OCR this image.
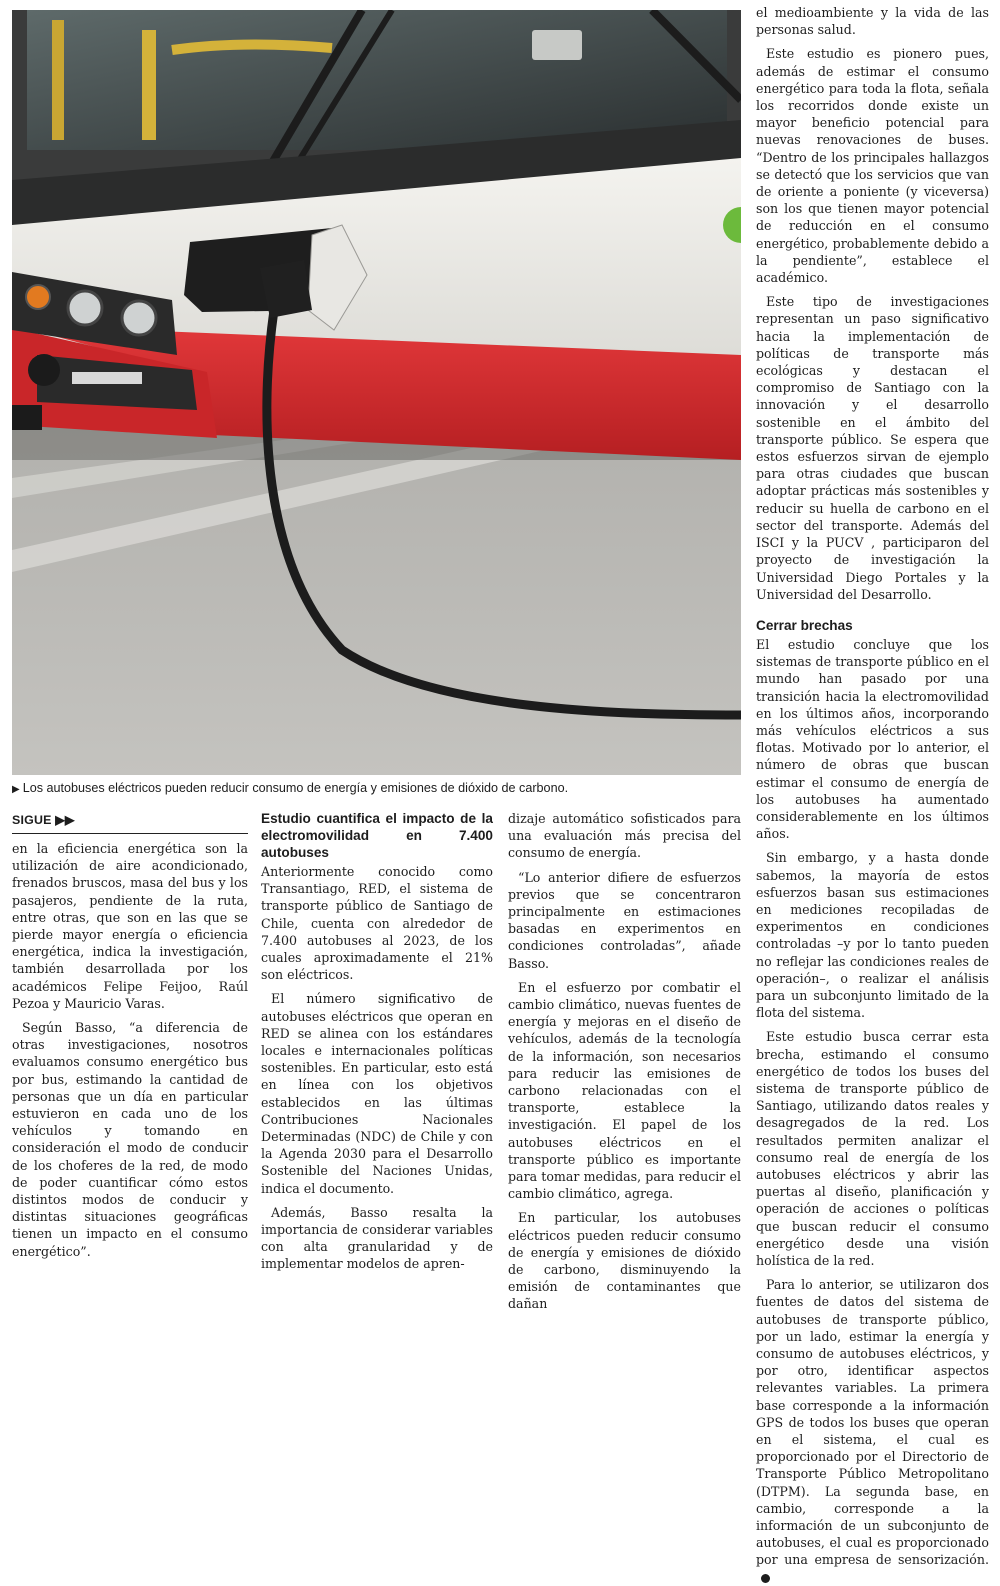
▶ Los autobuses eléctricos pueden reducir consumo de energía y emisiones de dióxido de carbono.
SIGUE ▶▶

en la eficiencia energética son la utilización de aire acondicionado, frenados bruscos, masa del bus y los pasajeros, pendiente de la ruta, entre otras, que son en las que se pierde mayor energía o eficiencia energética, indica la investigación, también desarrollada por los académicos Felipe Feijoo, Raúl Pezoa y Mauricio Varas.

Según Basso, “a diferencia de otras investigaciones, nosotros evaluamos consumo energético bus por bus, estimando la cantidad de personas que un día en particular estuvieron en cada uno de los vehículos y tomando en consideración el modo de conducir de los choferes de la red, de modo de poder cuantificar cómo estos distintos modos de conducir y distintas situaciones geográficas tienen un impacto en el consumo energético”.

Estudio cuantifica el impacto de la electromovilidad en 7.400 autobuses

Anteriormente conocido como Transantiago, RED, el sistema de transporte público de Santiago de Chile, cuenta con alrededor de 7.400 autobuses al 2023, de los cuales aproximadamente el 21% son eléctricos.

El número significativo de autobuses eléctricos que operan en RED se alinea con los estándares locales e internacionales políticas sostenibles. En particular, esto está en línea con los objetivos establecidos en las últimas Contribuciones Nacionales Determinadas (NDC) de Chile y con la Agenda 2030 para el Desarrollo Sostenible del Naciones Unidas, indica el documento.

Además, Basso resalta la importancia de considerar variables con alta granularidad y de implementar modelos de apren-

dizaje automático sofisticados para una evaluación más precisa del consumo de energía.

“Lo anterior difiere de esfuerzos previos que se concentraron principalmente en estimaciones basadas en experimentos en condiciones controladas”, añade Basso.

En el esfuerzo por combatir el cambio climático, nuevas fuentes de energía y mejoras en el diseño de vehículos, además de la tecnología de la información, son necesarios para reducir las emisiones de carbono relacionadas con el transporte, establece la investigación. El papel de los autobuses eléctricos en el transporte público es importante para tomar medidas, para reducir el cambio climático, agrega.

En particular, los autobuses eléctricos pueden reducir consumo de energía y emisiones de dióxido de carbono, disminuyendo la emisión de contaminantes que dañan

el medioambiente y la vida de las personas salud.

Este estudio es pionero pues, además de estimar el consumo energético para toda la flota, señala los recorridos donde existe un mayor beneficio potencial para nuevas renovaciones de buses. “Dentro de los principales hallazgos se detectó que los servicios que van de oriente a poniente (y viceversa) son los que tienen mayor potencial de reducción en el consumo energético, probablemente debido a la pendiente”, establece el académico.

Este tipo de investigaciones representan un paso significativo hacia la implementación de políticas de transporte más ecológicas y destacan el compromiso de Santiago con la innovación y el desarrollo sostenible en el ámbito del transporte público. Se espera que estos esfuerzos sirvan de ejemplo para otras ciudades que buscan adoptar prácticas más sostenibles y reducir su huella de carbono en el sector del transporte. Además del ISCI y la PUCV , participaron del proyecto de investigación la Universidad Diego Portales y la Universidad del Desarrollo.

Cerrar brechas

El estudio concluye que los sistemas de transporte público en el mundo han pasado por una transición hacia la electromovilidad en los últimos años, incorporando más vehículos eléctricos a sus flotas. Motivado por lo anterior, el número de obras que buscan estimar el consumo de energía de los autobuses ha aumentado considerablemente en los últimos años.

Sin embargo, y a hasta donde sabemos, la mayoría de estos esfuerzos basan sus estimaciones en mediciones recopiladas de experimentos en condiciones controladas –y por lo tanto pueden no reflejar las condiciones reales de operación–, o realizar el análisis para un subconjunto limitado de la flota del sistema.

Este estudio busca cerrar esta brecha, estimando el consumo energético de todos los buses del sistema de transporte público de Santiago, utilizando datos reales y desagregados de la red. Los resultados permiten analizar el consumo real de energía de los autobuses eléctricos y abrir las puertas al diseño, planificación y operación de acciones o políticas que buscan reducir el consumo energético desde una visión holística de la red.

Para lo anterior, se utilizaron dos fuentes de datos del sistema de autobuses de transporte público, por un lado, estimar la energía y consumo de autobuses eléctricos, y por otro, identificar aspectos relevantes variables. La primera base corresponde a la información GPS de todos los buses que operan en el sistema, el cual es proporcionado por el Directorio de Transporte Público Metropolitano (DTPM). La segunda base, en cambio, corresponde a la información de un subconjunto de autobuses, el cual es proporcionado por una empresa de sensorización.
